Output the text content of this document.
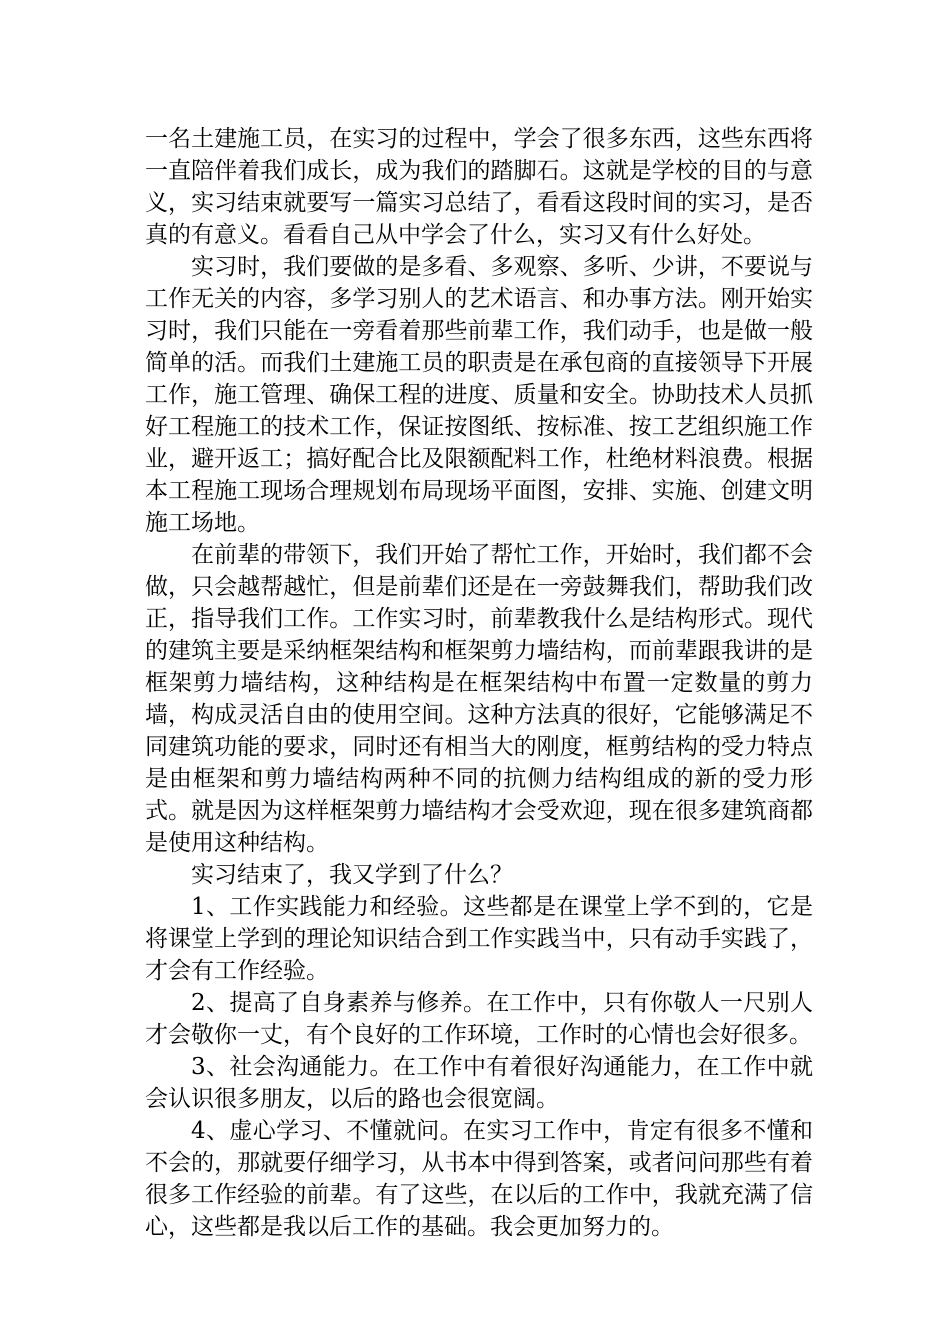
一名土建施工员，在实习的过程中，学会了很多东西，这些东西将一直陪伴着我们成长，成为我们的踏脚石。这就是学校的目的与意义，实习结束就要写一篇实习总结了，看看这段时间的实习，是否真的有意义。看看自己从中学会了什么，实习又有什么好处。

实习时，我们要做的是多看、多观察、多听、少讲，不要说与工作无关的内容，多学习别人的艺术语言、和办事方法。刚开始实习时，我们只能在一旁看着那些前辈工作，我们动手，也是做一般简单的活。而我们土建施工员的职责是在承包商的直接领导下开展工作，施工管理、确保工程的进度、质量和安全。协助技术人员抓好工程施工的技术工作，保证按图纸、按标准、按工艺组织施工作业，避开返工；搞好配合比及限额配料工作，杜绝材料浪费。根据本工程施工现场合理规划布局现场平面图，安排、实施、创建文明施工场地。

在前辈的带领下，我们开始了帮忙工作，开始时，我们都不会做，只会越帮越忙，但是前辈们还是在一旁鼓舞我们，帮助我们改正，指导我们工作。工作实习时，前辈教我什么是结构形式。现代的建筑主要是采纳框架结构和框架剪力墙结构，而前辈跟我讲的是框架剪力墙结构，这种结构是在框架结构中布置一定数量的剪力墙，构成灵活自由的使用空间。这种方法真的很好，它能够满足不同建筑功能的要求，同时还有相当大的刚度，框剪结构的受力特点是由框架和剪力墙结构两种不同的抗侧力结构组成的新的受力形式。就是因为这样框架剪力墙结构才会受欢迎，现在很多建筑商都是使用这种结构。

实习结束了，我又学到了什么？

1、工作实践能力和经验。这些都是在课堂上学不到的，它是将课堂上学到的理论知识结合到工作实践当中，只有动手实践了，才会有工作经验。

2、提高了自身素养与修养。在工作中，只有你敬人一尺别人才会敬你一丈，有个良好的工作环境，工作时的心情也会好很多。

3、社会沟通能力。在工作中有着很好沟通能力，在工作中就会认识很多朋友，以后的路也会很宽阔。

4、虚心学习、不懂就问。在实习工作中，肯定有很多不懂和不会的，那就要仔细学习，从书本中得到答案，或者问问那些有着很多工作经验的前辈。有了这些，在以后的工作中，我就充满了信心，这些都是我以后工作的基础。我会更加努力的。
